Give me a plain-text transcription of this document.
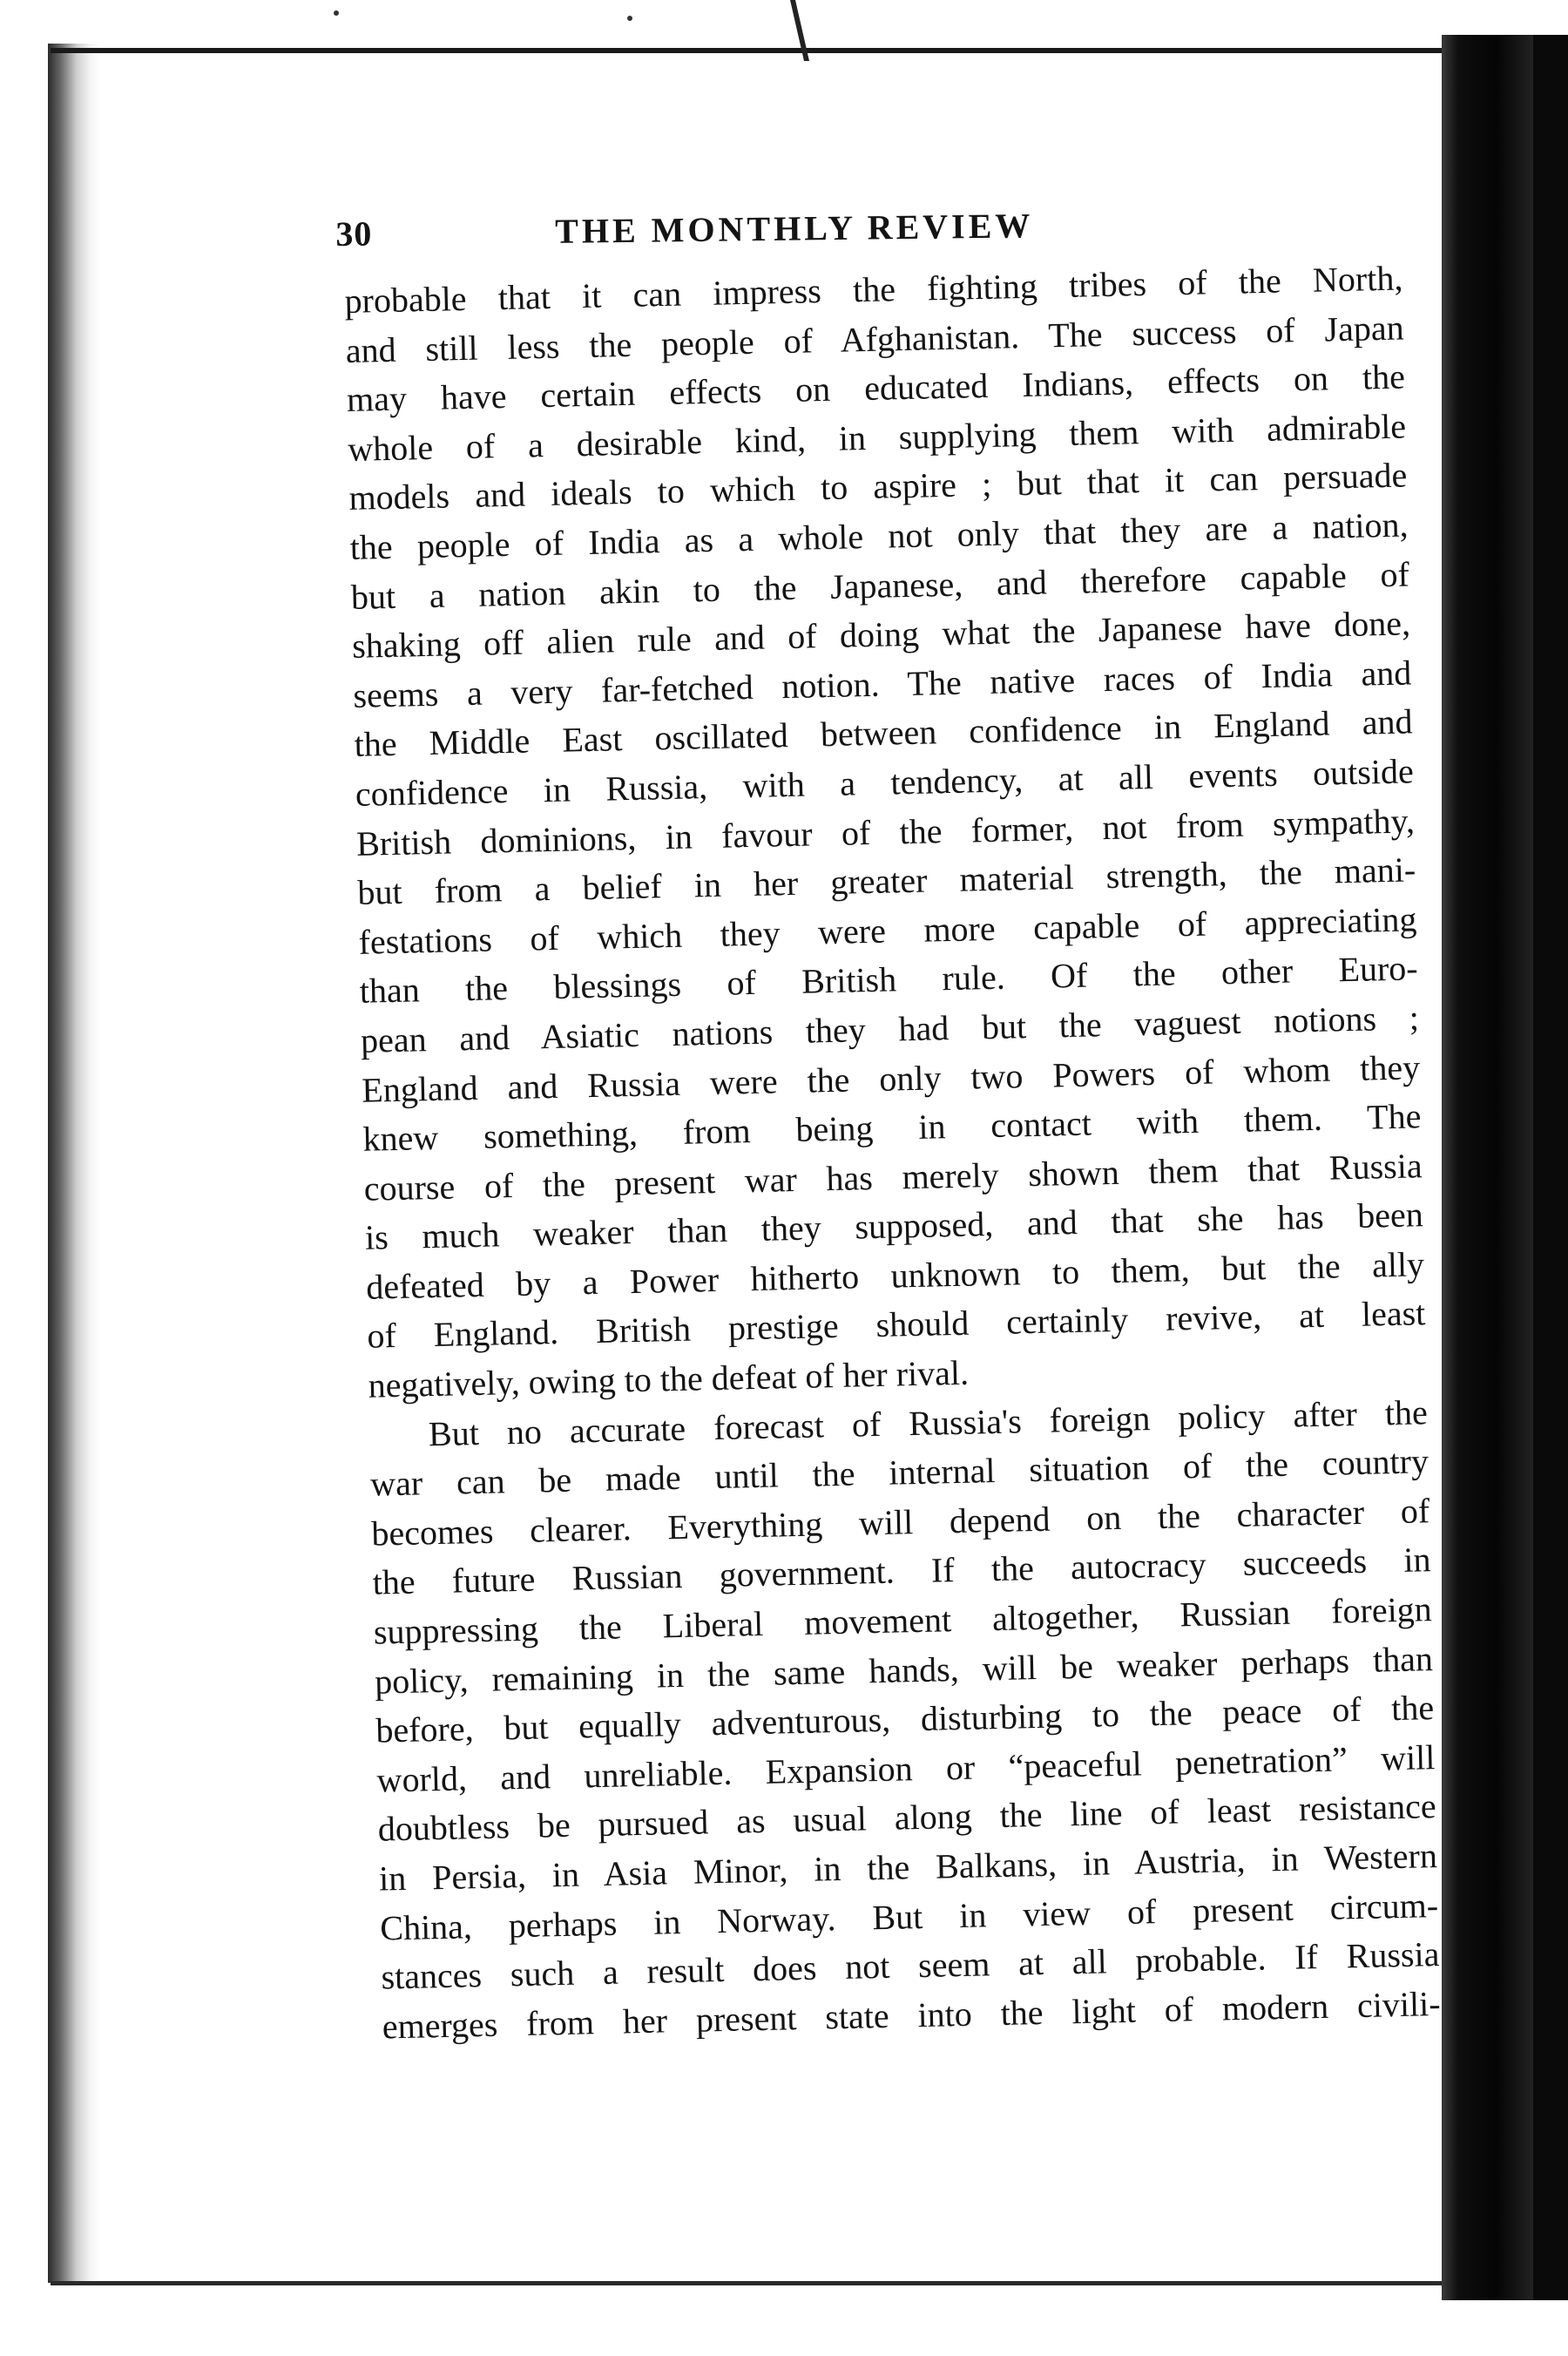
30	THE MONTHLY REVIEW
probable that it can impress the fighting tribes of the North,
and still less the people of Afghanistan. The success of Japan
may have certain effects on educated Indians, effects on the
whole of a desirable kind, in supplying them with admirable
models and ideals to which to aspire ; but that it can persuade
the people of India as a whole not only that they are a nation,
but a nation akin to the Japanese, and therefore capable of
shaking off alien rule and of doing what the Japanese have done,
seems a very far-fetched notion. The native races of India and
the Middle East oscillated between confidence in England and
confidence in Russia, with a tendency, at all events outside
British dominions, in favour of the former, not from sympathy,
but from a belief in her greater material strength, the mani-
festations of which they were more capable of appreciating
than the blessings of British rule. Of the other Euro-
pean and Asiatic nations they had but the vaguest notions ;
England and Russia were the only two Powers of whom they
knew something, from being in contact with them. The
course of the present war has merely shown them that Russia
is much weaker than they supposed, and that she has been
defeated by a Power hitherto unknown to them, but the ally
of England. British prestige should certainly revive, at least
negatively, owing to the defeat of her rival.
But no accurate forecast of Russia's foreign policy after the
war can be made until the internal situation of the country
becomes clearer. Everything will depend on the character of
the future Russian government. If the autocracy succeeds in
suppressing the Liberal movement altogether, Russian foreign
policy, remaining in the same hands, will be weaker perhaps than
before, but equally adventurous, disturbing to the peace of the
world, and unreliable. Expansion or “peaceful penetration” will
doubtless be pursued as usual along the line of least resistance
in Persia, in Asia Minor, in the Balkans, in Austria, in Western
China, perhaps in Norway. But in view of present circum-
stances such a result does not seem at all probable. If Russia
emerges from her present state into the light of modern civili-
